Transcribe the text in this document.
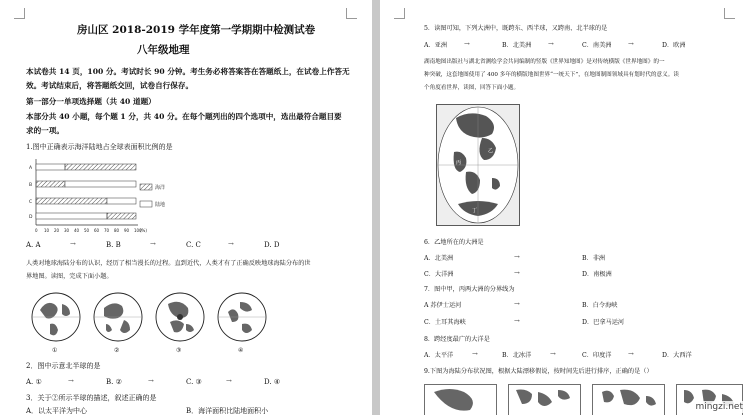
房山区 2018-2019 学年度第一学期期中检测试卷
八年级地理
本试卷共 14 页，100 分。考试时长 90 分钟。考生务必将答案答在答题纸上，在试卷上作答无
效。考试结束后，将答题纸交回，试卷自行保存。
第一部分一单项选择题（共 40 道题）
本部分共 40 小题，每个题 1 分，共 40 分。在每个题列出的四个选项中，选出最符合题目要
求的一项。
1.图中正确表示海洋陆地占全球表面积比例的是
A
B
C
D
0 10 20 30 40 50 60 70 80 90 100
(%)
海洋
陆地
A. A	→	B. B	→	C. C	→	D. D
人类对地球海陆分布的认识，经历了相当漫长的过程。直到近代，人类才有了正确反映地球海陆分布的世
界地图。读图，完成下面小题。
①	②	③	④
2．图中示意北半球的是
A. ①	→	B. ②	→	C. ③	→	D. ④
3．关于②所示半球的描述，叙述正确的是
A．以太平洋为中心	B．海洋面积比陆地面积小
5．读图可知，下列大洲中，既跨东、西半球，又跨南、北半球的是
A．亚洲 →	B．北美洲 →	C．南美洲 →	D．欧洲
湖南地图出版社与湖北省测绘学会共同编制的竖版《世界知地图》是对传统横版《世界地图》的一
种突破，这套地图使用了 400 多年的横版地图世界“一统天下”，在地图制图领域具有划时代的意义。读
个角度看世界，读图，回答下面小题。
甲
乙
丙
丁
6．乙地所在的大洲是
A．北美洲	→	B．非洲
C．大洋洲	→	D．南极洲
7．图中甲，丙两大洲的分界线为
A 苏伊士运河	→	B．白令海峡
C．土耳其海峡	→	D．巴拿马运河
8．跨经度最广的大洋是
A．太平洋	→	B．北冰洋	→	C．印度洋 →	D．大西洋
9.下图为海陆分布状况图，根据大陆漂移假说，按时间先后进行排序，正确的是（）
mingzi.net
